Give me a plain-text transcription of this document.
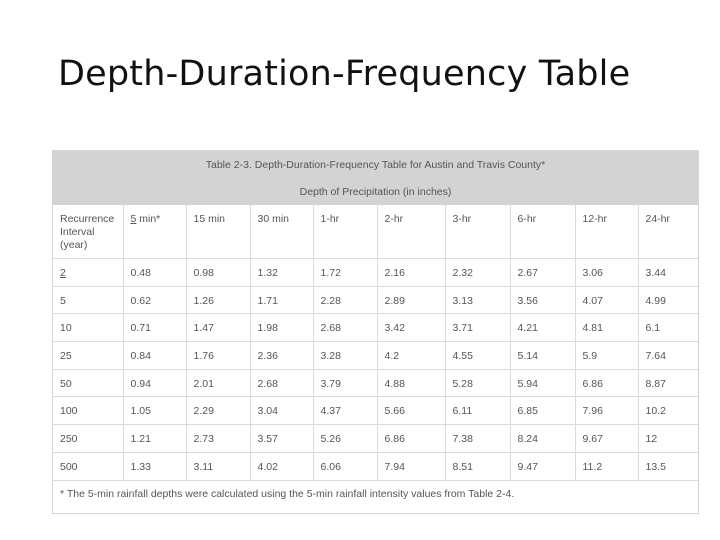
Depth-Duration-Frequency Table
Table 2-3. Depth-Duration-Frequency Table for Austin and Travis County*									
Depth of Precipitation (in inches)									
Recurrence
Interval
(year)	5 min*	15 min	30 min	1-hr	2-hr	3-hr	6-hr	12-hr	24-hr
2	0.48	0.98	1.32	1.72	2.16	2.32	2.67	3.06	3.44
5	0.62	1.26	1.71	2.28	2.89	3.13	3.56	4.07	4.99
10	0.71	1.47	1.98	2.68	3.42	3.71	4.21	4.81	6.1
25	0.84	1.76	2.36	3.28	4.2	4.55	5.14	5.9	7.64
50	0.94	2.01	2.68	3.79	4.88	5.28	5.94	6.86	8.87
100	1.05	2.29	3.04	4.37	5.66	6.11	6.85	7.96	10.2
250	1.21	2.73	3.57	5.26	6.86	7.38	8.24	9.67	12
500	1.33	3.11	4.02	6.06	7.94	8.51	9.47	11.2	13.5
* The 5-min rainfall depths were calculated using the 5-min rainfall intensity values from Table 2-4.									
